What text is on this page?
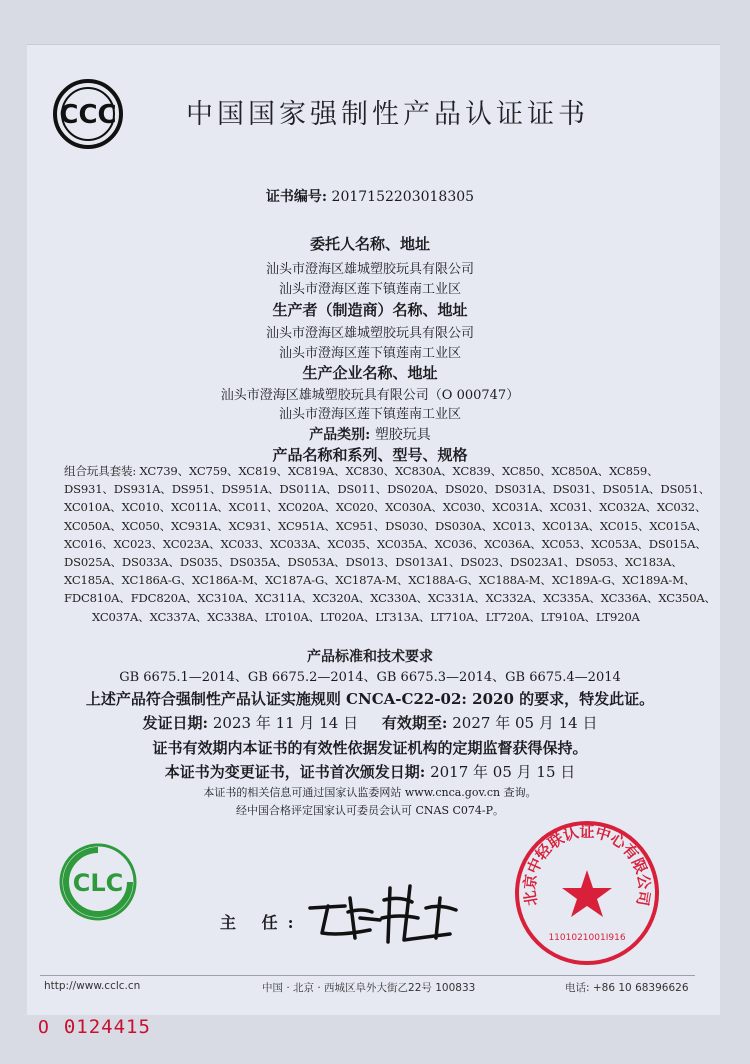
CCC	中国国家强制性产品认证证书
证书编号: 2017152203018305
委托人名称、地址
汕头市澄海区雄城塑胶玩具有限公司
汕头市澄海区莲下镇莲南工业区
生产者（制造商）名称、地址
汕头市澄海区雄城塑胶玩具有限公司
汕头市澄海区莲下镇莲南工业区
生产企业名称、地址
汕头市澄海区雄城塑胶玩具有限公司（O 000747）
汕头市澄海区莲下镇莲南工业区
产品类别: 塑胶玩具
产品名称和系列、型号、规格
组合玩具套装: XC739、XC759、XC819、XC819A、XC830、XC830A、XC839、XC850、XC850A、XC859、
DS931、DS931A、DS951、DS951A、DS011A、DS011、DS020A、DS020、DS031A、DS031、DS051A、DS051、
XC010A、XC010、XC011A、XC011、XC020A、XC020、XC030A、XC030、XC031A、XC031、XC032A、XC032、
XC050A、XC050、XC931A、XC931、XC951A、XC951、DS030、DS030A、XC013、XC013A、XC015、XC015A、
XC016、XC023、XC023A、XC033、XC033A、XC035、XC035A、XC036、XC036A、XC053、XC053A、DS015A、
DS025A、DS033A、DS035、DS035A、DS053A、DS013、DS013A1、DS023、DS023A1、DS053、XC183A、
XC185A、XC186A-G、XC186A-M、XC187A-G、XC187A-M、XC188A-G、XC188A-M、XC189A-G、XC189A-M、
FDC810A、FDC820A、XC310A、XC311A、XC320A、XC330A、XC331A、XC332A、XC335A、XC336A、XC350A、
XC037A、XC337A、XC338A、LT010A、LT020A、LT313A、LT710A、LT720A、LT910A、LT920A
产品标准和技术要求
GB 6675.1—2014、GB 6675.2—2014、GB 6675.3—2014、GB 6675.4—2014
上述产品符合强制性产品认证实施规则 CNCA-C22-02: 2020 的要求，特发此证。
发证日期: 2023 年 11 月 14 日 有效期至: 2027 年 05 月 14 日
证书有效期内本证书的有效性依据发证机构的定期监督获得保持。
本证书为变更证书，证书首次颁发日期: 2017 年 05 月 15 日
本证书的相关信息可通过国家认监委网站 www.cnca.gov.cn 查询。
经中国合格评定国家认可委员会认可 CNAS C074-P。
CLC
主 任:
北京中轻联认证中心有限公司
1101021001I916
http://www.cclc.cn	中国 · 北京 · 西城区阜外大街乙22号 100833	电话: +86 10 68396626
O 0124415
